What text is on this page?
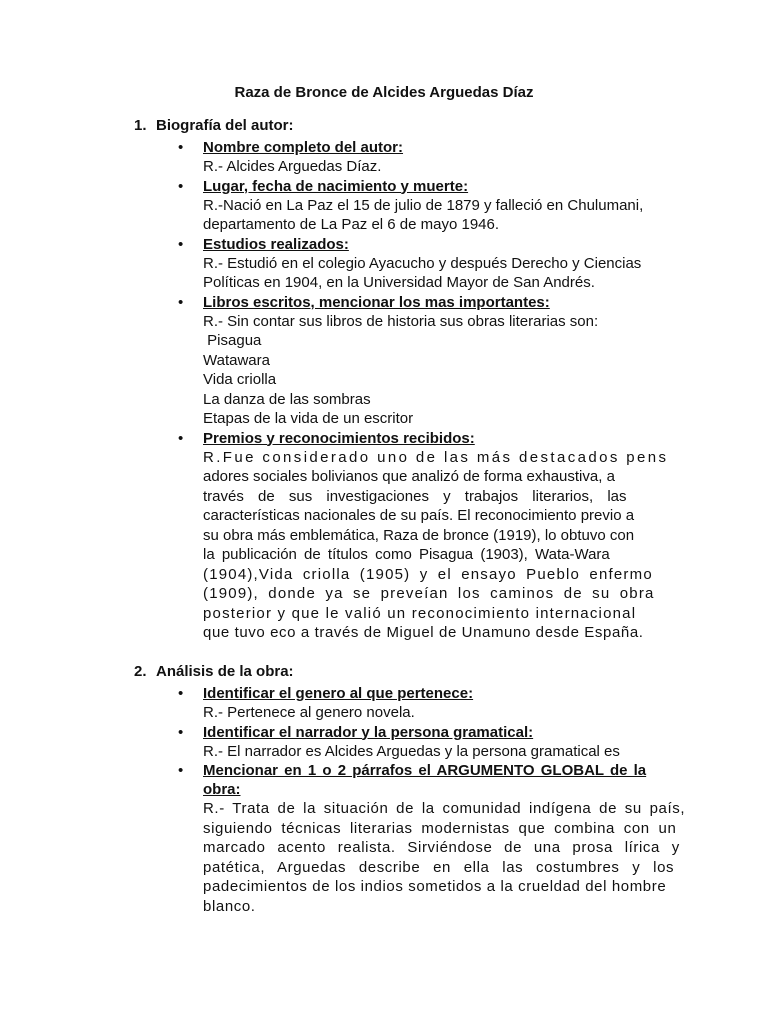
Raza de Bronce de Alcides Arguedas Díaz
1. Biografía del autor:
• Nombre completo del autor:
R.- Alcides Arguedas Díaz.
• Lugar, fecha de nacimiento y muerte:
R.-Nació en La Paz el 15 de julio de 1879 y falleció en Chulumani,
departamento de La Paz el 6 de mayo 1946.
• Estudios realizados:
R.- Estudió en el colegio Ayacucho y después Derecho y Ciencias
Políticas en 1904, en la Universidad Mayor de San Andrés.
• Libros escritos, mencionar los mas importantes:
R.- Sin contar sus libros de historia sus obras literarias son:
Pisagua
Watawara
Vida criolla
La danza de las sombras
Etapas de la vida de un escritor
• Premios y reconocimientos recibidos:
R.Fue considerado uno de las más destacados pens
adores sociales bolivianos que analizó de forma exhaustiva, a
través de sus investigaciones y trabajos literarios, las
características nacionales de su país. El reconocimiento previo a
su obra más emblemática, Raza de bronce (1919), lo obtuvo con
la publicación de títulos como Pisagua (1903), Wata-Wara
(1904),Vida criolla (1905) y el ensayo Pueblo enfermo
(1909), donde ya se preveían los caminos de su obra
posterior y que le valió un reconocimiento internacional
que tuvo eco a través de Miguel de Unamuno desde España.
2. Análisis de la obra:
• Identificar el genero al que pertenece:
R.- Pertenece al genero novela.
• Identificar el narrador y la persona gramatical:
R.- El narrador es Alcides Arguedas y la persona gramatical es
• Mencionar en 1 o 2 párrafos el ARGUMENTO GLOBAL de la
obra:
R.- Trata de la situación de la comunidad indígena de su país,
siguiendo técnicas literarias modernistas que combina con un
marcado acento realista. Sirviéndose de una prosa lírica y
patética, Arguedas describe en ella las costumbres y los
padecimientos de los indios sometidos a la crueldad del hombre
blanco.
